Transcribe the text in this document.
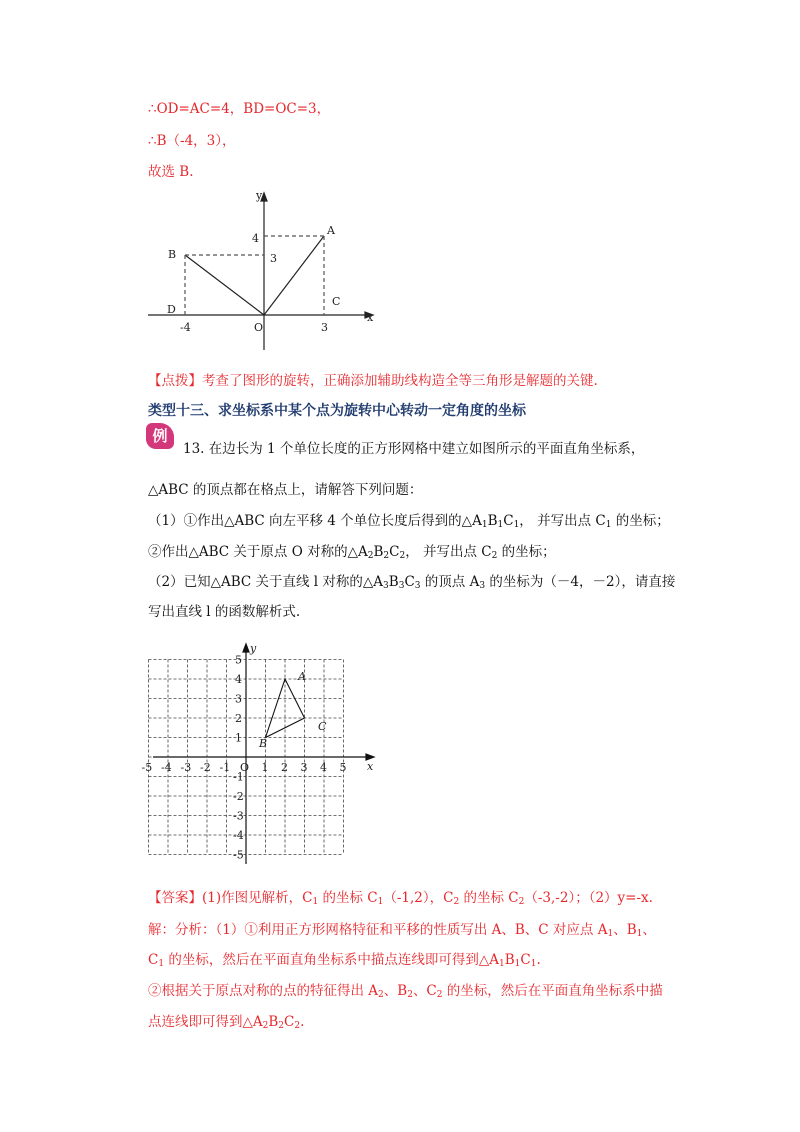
∴OD=AC=4，BD=OC=3，
∴B（-4，3），
故选 B.
y
x
A
B
C
D
O
4
3
-4	3
【点拨】考查了图形的旋转，正确添加辅助线构造全等三角形是解题的关键.
类型十三、求坐标系中某个点为旋转中心转动一定角度的坐标
例
13. 在边长为 1 个单位长度的正方形网格中建立如图所示的平面直角坐标系，
△ABC 的顶点都在格点上，请解答下列问题：
（1）①作出△ABC 向左平移 4 个单位长度后得到的$\triangle A_1B_1C_1$， 并写出点 $C_1$ 的坐标；
②作出△ABC 关于原点 O 对称的$\triangle A_2B_2C_2$， 并写出点 $C_2$ 的坐标；
（2）已知△ABC 关于直线 l 对称的$\triangle A_3B_3C_3$ 的顶点 $A_3$ 的坐标为（－4，－2），请直接
写出直线 l 的函数解析式.
-5 -4 -3 -2 -1 O 1 2 3 4 5
5
4
3
2
1
-1
-2
-3
-4
-5
x
y
A
B
C
【答案】(1)作图见解析，$C_1$ 的坐标 $C_1(-1,2)$，$C_2$ 的坐标 $C_2(-3,-2)$；（2）y=-x.
解：分析：（1）①利用正方形网格特征和平移的性质写出 A、B、C 对应点 $A_1$、$B_1$、
$C_1$ 的坐标，然后在平面直角坐标系中描点连线即可得到$\triangle A_1B_1C_1$.
②根据关于原点对称的点的特征得出 $A_2$、$B_2$、$C_2$ 的坐标，然后在平面直角坐标系中描
点连线即可得到$\triangle A_2B_2C_2$.
